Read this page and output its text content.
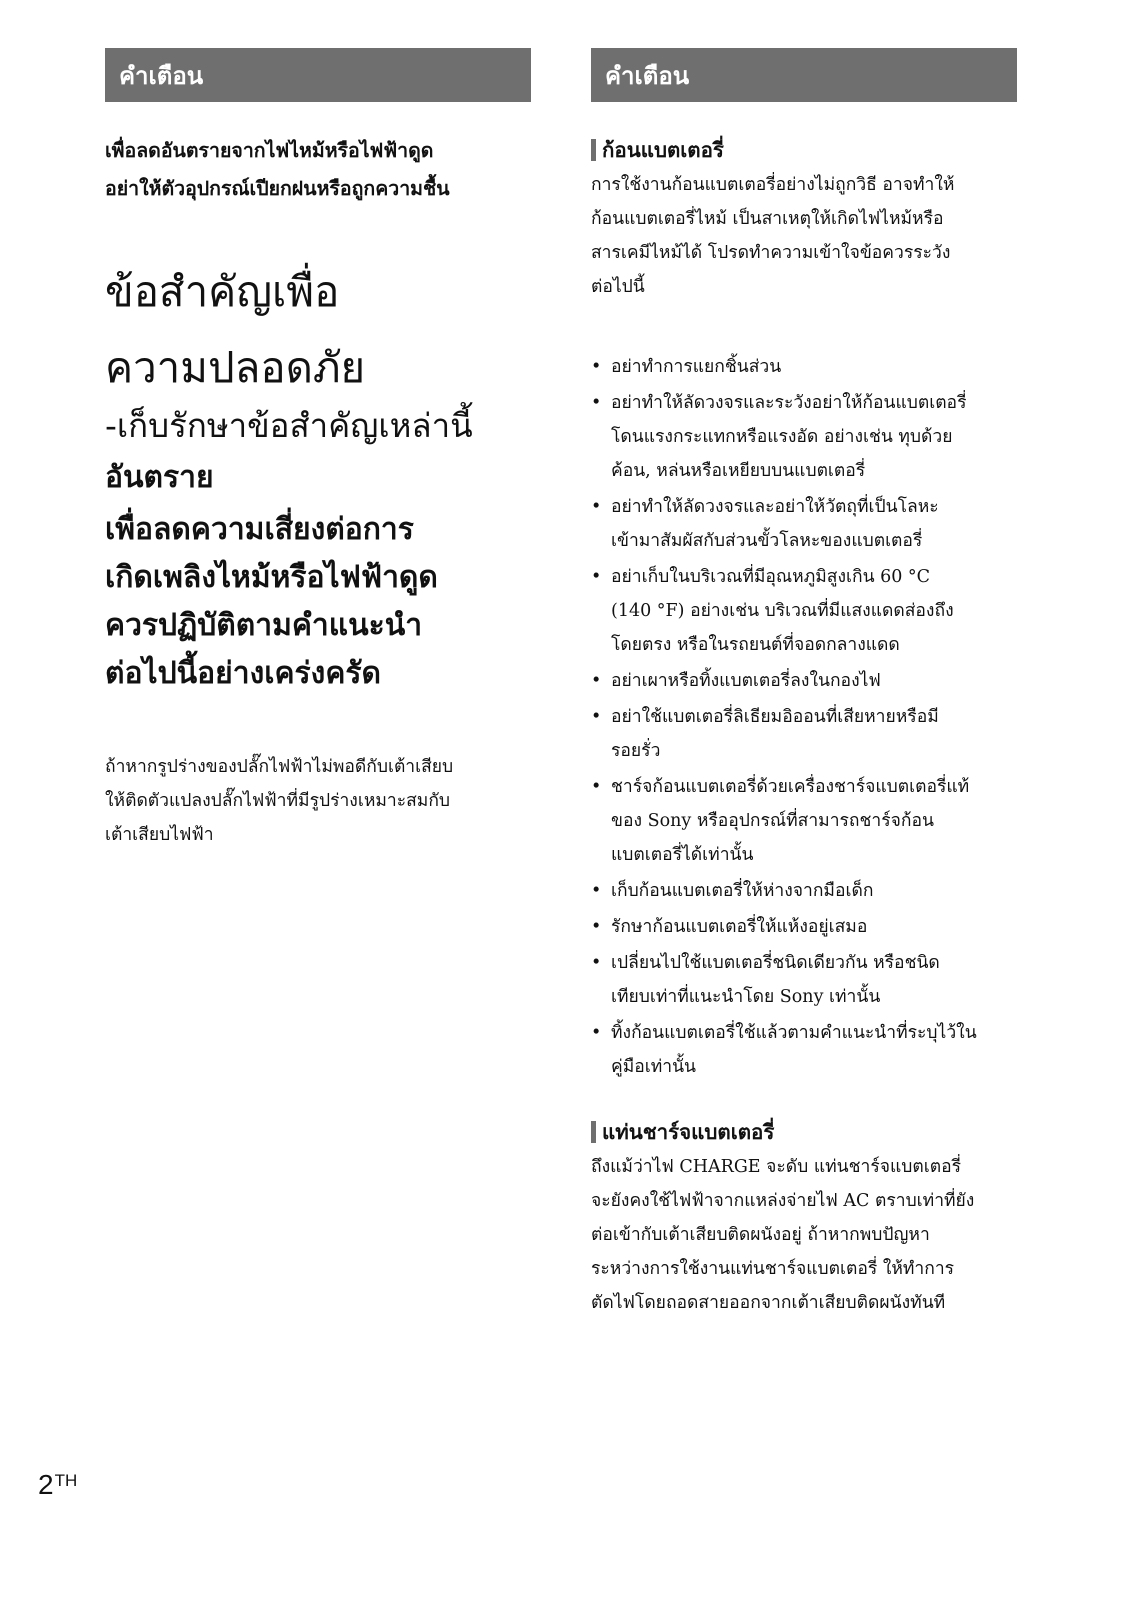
คำเตือน
เพื่อลดอันตรายจากไฟไหม้หรือไฟฟ้าดูด
อย่าให้ตัวอุปกรณ์เปียกฝนหรือถูกความชื้น
ข้อสำคัญเพื่อ
ความปลอดภัย
-เก็บรักษาข้อสำคัญเหล่านี้
อันตราย
เพื่อลดความเสี่ยงต่อการ
เกิดเพลิงไหม้หรือไฟฟ้าดูด
ควรปฏิบัติตามคำแนะนำ
ต่อไปนี้อย่างเคร่งครัด
ถ้าหากรูปร่างของปลั๊กไฟฟ้าไม่พอดีกับเต้าเสียบ
ให้ติดตัวแปลงปลั๊กไฟฟ้าที่มีรูปร่างเหมาะสมกับ
เต้าเสียบไฟฟ้า
คำเตือน
ก้อนแบตเตอรี่
การใช้งานก้อนแบตเตอรี่อย่างไม่ถูกวิธี อาจทำให้
ก้อนแบตเตอรี่ไหม้ เป็นสาเหตุให้เกิดไฟไหม้หรือ
สารเคมีไหม้ได้ โปรดทำความเข้าใจข้อควรระวัง
ต่อไปนี้
• อย่าทำการแยกชิ้นส่วน
• อย่าทำให้ลัดวงจรและระวังอย่าให้ก้อนแบตเตอรี่
โดนแรงกระแทกหรือแรงอัด อย่างเช่น ทุบด้วย
ค้อน, หล่นหรือเหยียบบนแบตเตอรี่
• อย่าทำให้ลัดวงจรและอย่าให้วัตถุที่เป็นโลหะ
เข้ามาสัมผัสกับส่วนขั้วโลหะของแบตเตอรี่
• อย่าเก็บในบริเวณที่มีอุณหภูมิสูงเกิน 60 °C
(140 °F) อย่างเช่น บริเวณที่มีแสงแดดส่องถึง
โดยตรง หรือในรถยนต์ที่จอดกลางแดด
• อย่าเผาหรือทิ้งแบตเตอรี่ลงในกองไฟ
• อย่าใช้แบตเตอรี่ลิเธียมอิออนที่เสียหายหรือมี
รอยรั่ว
• ชาร์จก้อนแบตเตอรี่ด้วยเครื่องชาร์จแบตเตอรี่แท้
ของ Sony หรืออุปกรณ์ที่สามารถชาร์จก้อน
แบตเตอรี่ได้เท่านั้น
• เก็บก้อนแบตเตอรี่ให้ห่างจากมือเด็ก
• รักษาก้อนแบตเตอรี่ให้แห้งอยู่เสมอ
• เปลี่ยนไปใช้แบตเตอรี่ชนิดเดียวกัน หรือชนิด
เทียบเท่าที่แนะนำโดย Sony เท่านั้น
• ทิ้งก้อนแบตเตอรี่ใช้แล้วตามคำแนะนำที่ระบุไว้ใน
คู่มือเท่านั้น
แท่นชาร์จแบตเตอรี่
ถึงแม้ว่าไฟ CHARGE จะดับ แท่นชาร์จแบตเตอรี่
จะยังคงใช้ไฟฟ้าจากแหล่งจ่ายไฟ AC ตราบเท่าที่ยัง
ต่อเข้ากับเต้าเสียบติดผนังอยู่ ถ้าหากพบปัญหา
ระหว่างการใช้งานแท่นชาร์จแบตเตอรี่ ให้ทำการ
ตัดไฟโดยถอดสายออกจากเต้าเสียบติดผนังทันที
2TH
